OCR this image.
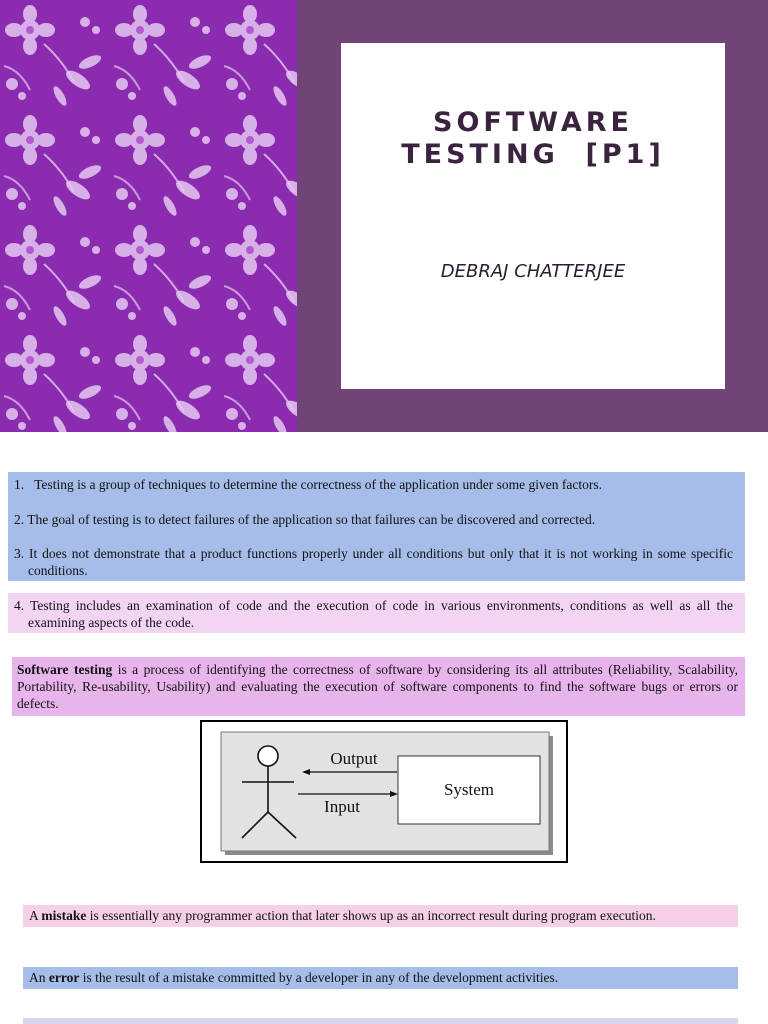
SOFTWARE
TESTING  [P1]
DEBRAJ CHATTERJEE

1. Testing is a group of techniques to determine the correctness of the application under some given factors.

2. The goal of testing is to detect failures of the application so that failures can be discovered and corrected.

3. It does not demonstrate that a product functions properly under all conditions but only that it is not working in some specific conditions.

4. Testing includes an examination of code and the execution of code in various environments, conditions as well as all the examining aspects of the code.

Software testing is a process of identifying the correctness of software by considering its all attributes (Reliability, Scalability, Portability, Re-usability, Usability) and evaluating the execution of software components to find the software bugs or errors or defects.

Output
Input
System

A mistake is essentially any programmer action that later shows up as an incorrect result during program execution.

An error is the result of a mistake committed by a developer in any of the development activities.
